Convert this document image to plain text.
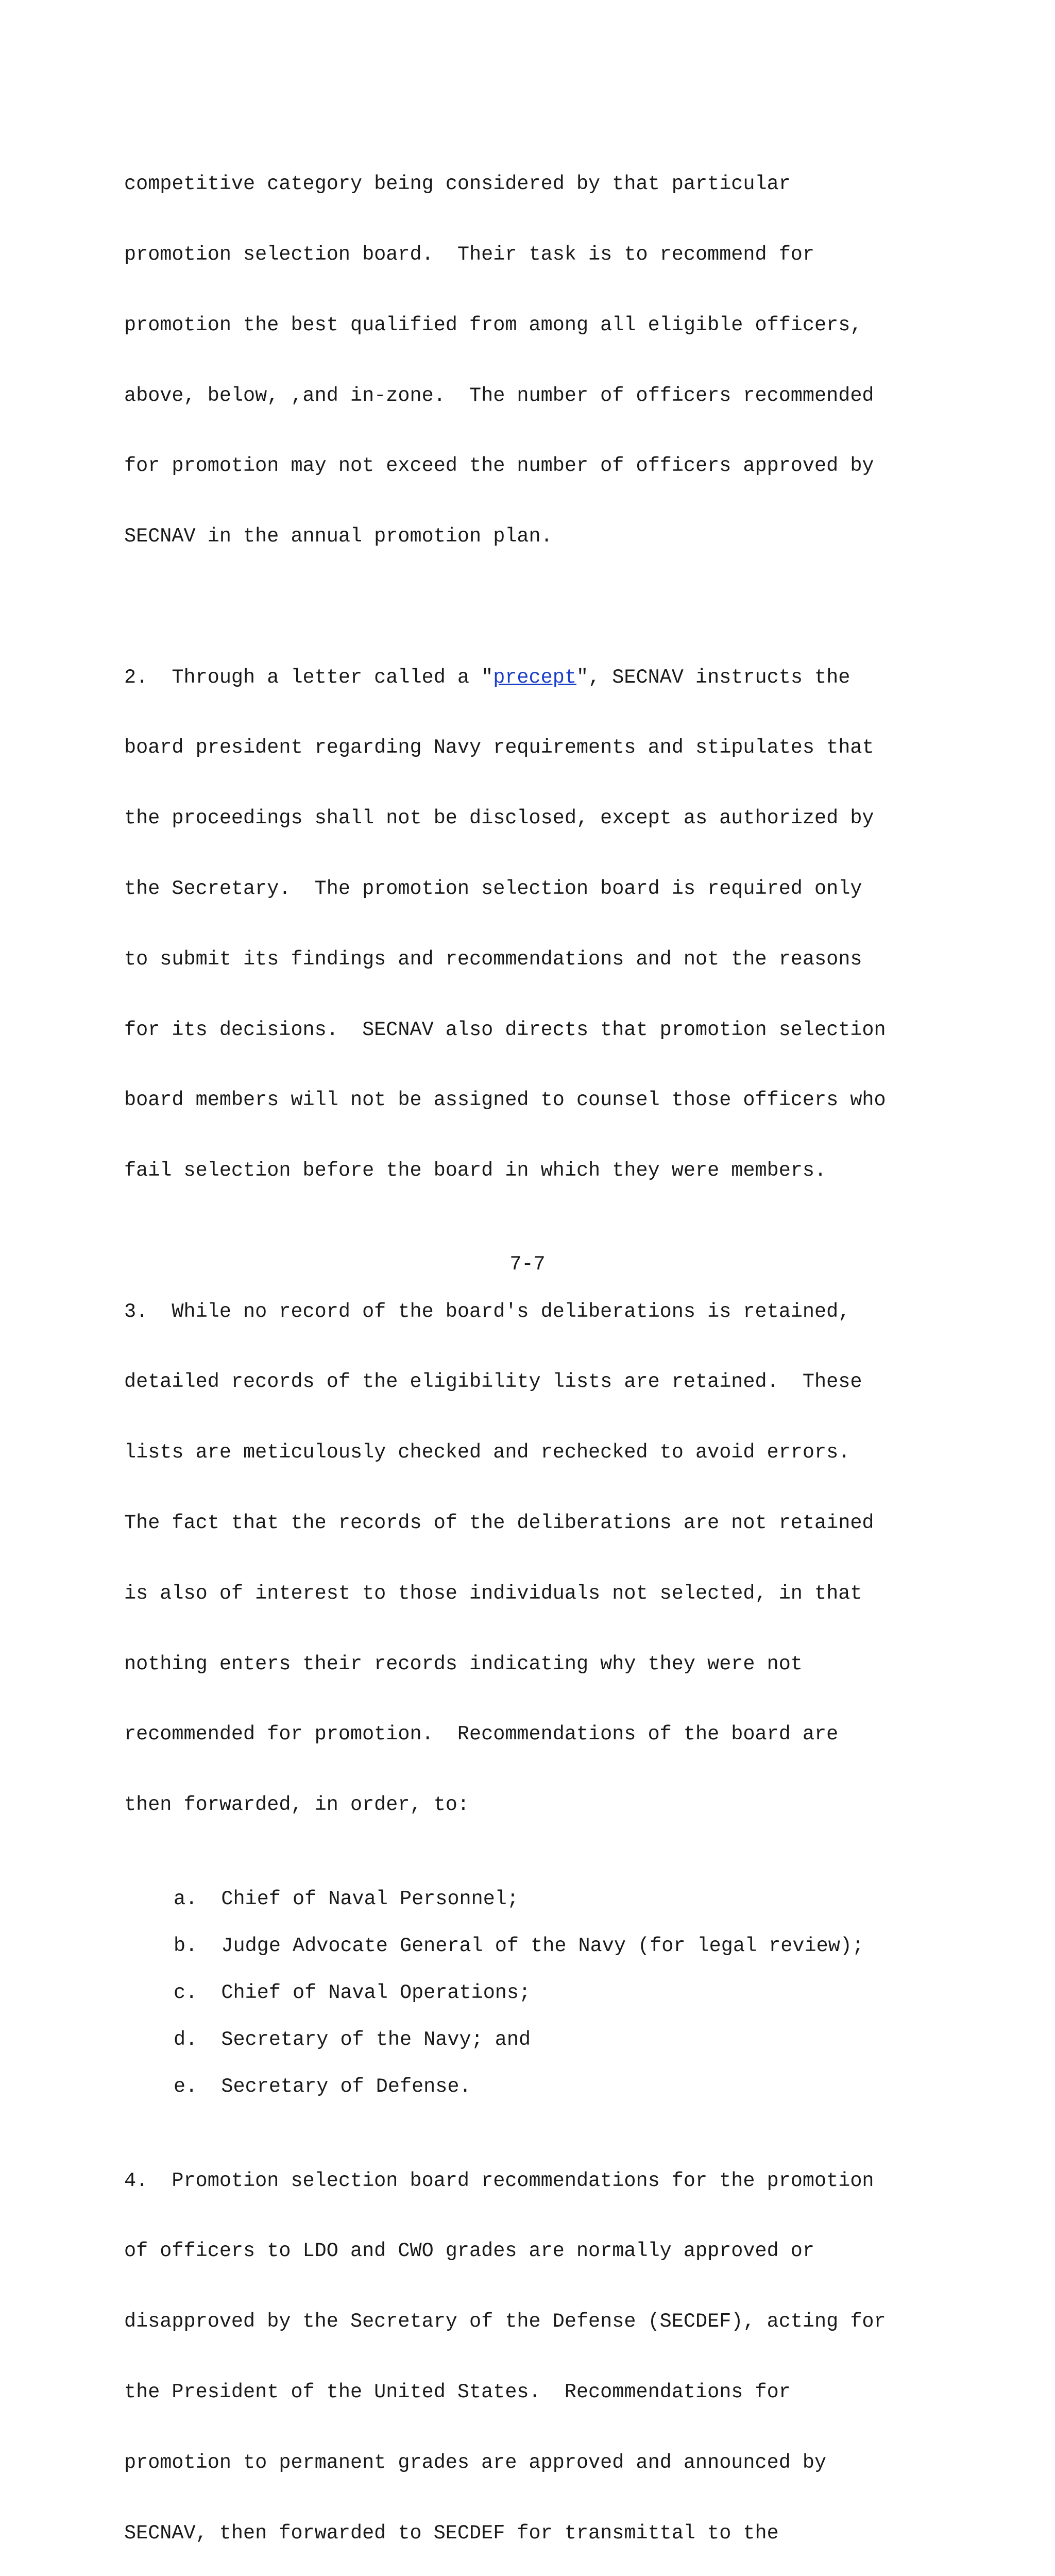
competitive category being considered by that particular

promotion selection board.  Their task is to recommend for

promotion the best qualified from among all eligible officers,

above, below, ,and in-zone.  The number of officers recommended

for promotion may not exceed the number of officers approved by

SECNAV in the annual promotion plan.

2.  Through a letter called a "precept", SECNAV instructs the

board president regarding Navy requirements and stipulates that

the proceedings shall not be disclosed, except as authorized by

the Secretary.  The promotion selection board is required only

to submit its findings and recommendations and not the reasons

for its decisions.  SECNAV also directs that promotion selection

board members will not be assigned to counsel those officers who

fail selection before the board in which they were members.

3.  While no record of the board's deliberations is retained,

detailed records of the eligibility lists are retained.  These

lists are meticulously checked and rechecked to avoid errors.

The fact that the records of the deliberations are not retained

is also of interest to those individuals not selected, in that

nothing enters their records indicating why they were not

recommended for promotion.  Recommendations of the board are

then forwarded, in order, to:

a.  Chief of Naval Personnel;
b.  Judge Advocate General of the Navy (for legal review);
c.  Chief of Naval Operations;
d.  Secretary of the Navy; and
e.  Secretary of Defense.

4.  Promotion selection board recommendations for the promotion

of officers to LDO and CWO grades are normally approved or

disapproved by the Secretary of the Defense (SECDEF), acting for

the President of the United States.  Recommendations for

promotion to permanent grades are approved and announced by

SECNAV, then forwarded to SECDEF for transmittal to the

7-7
